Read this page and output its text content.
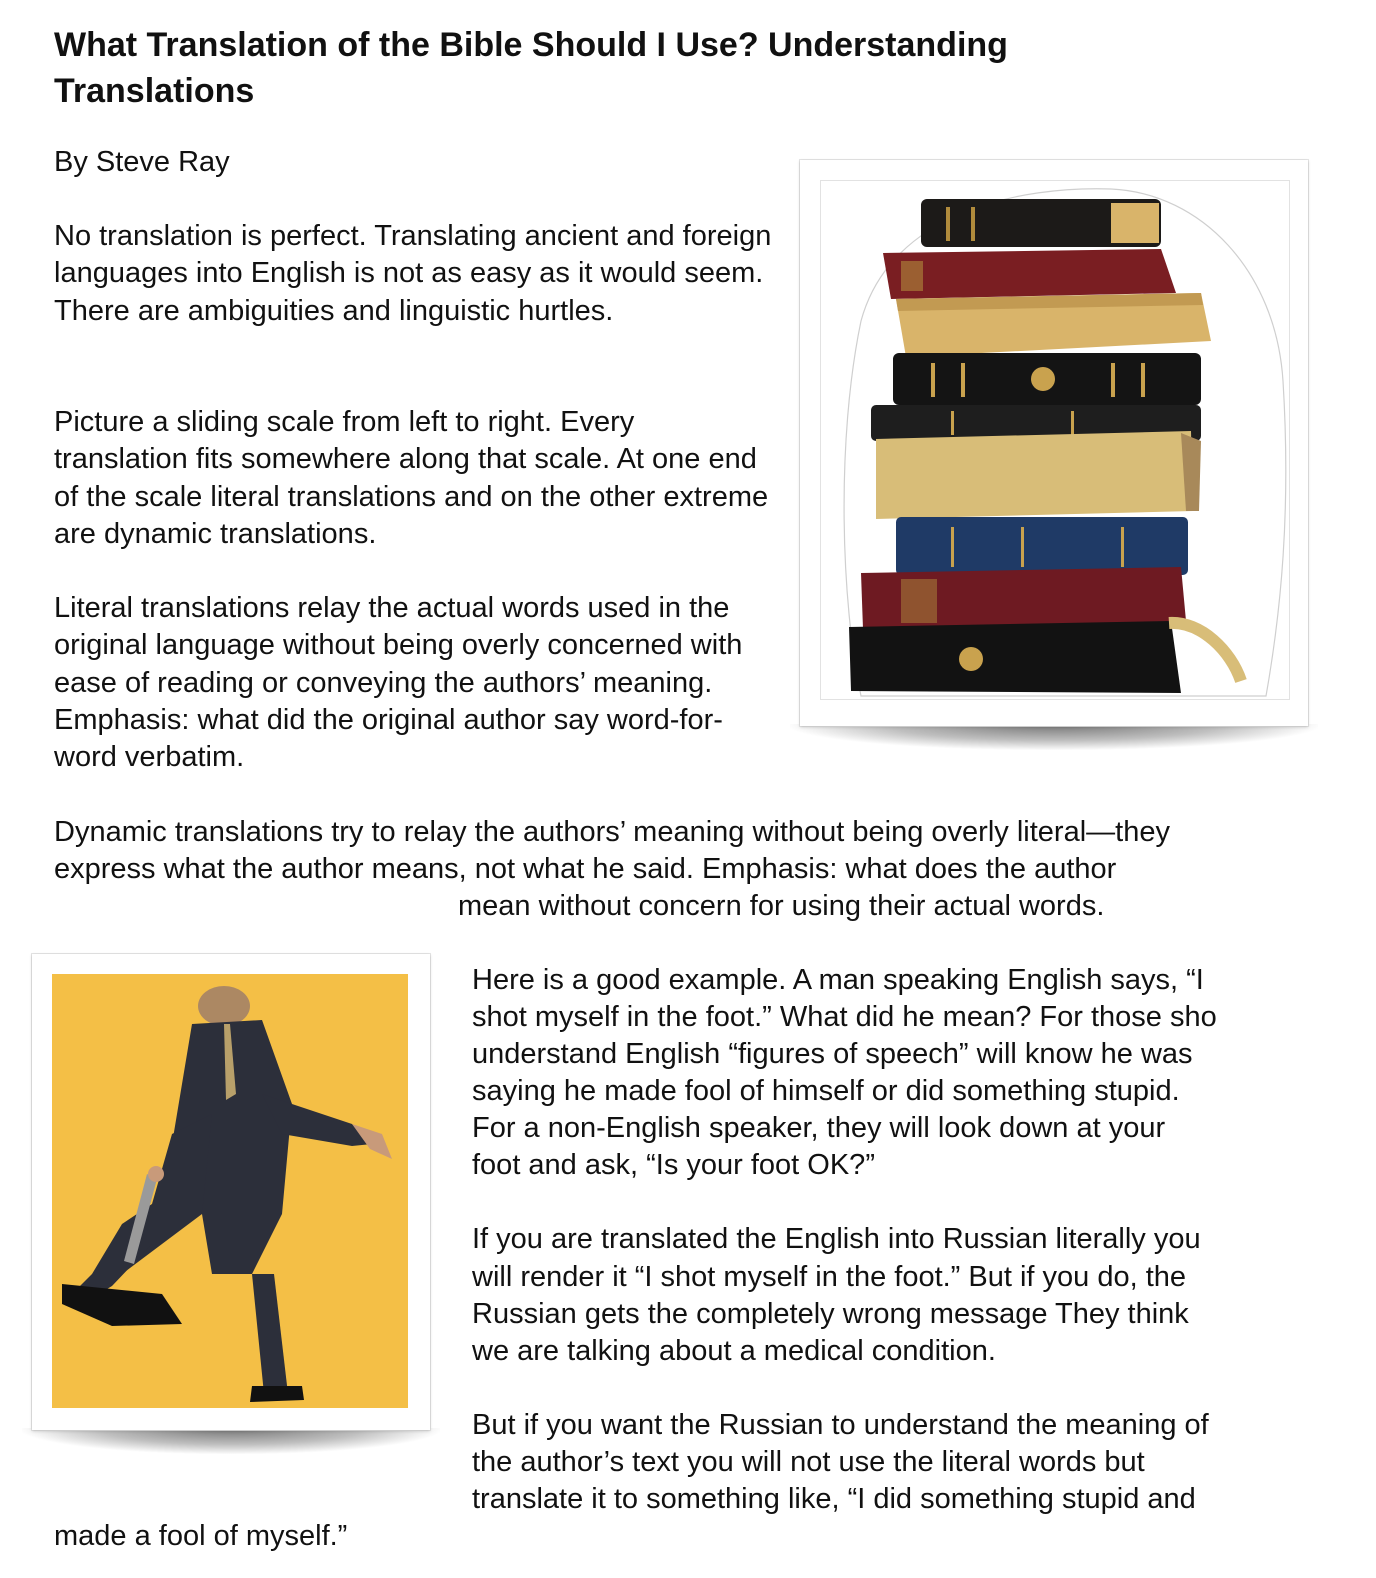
What Translation of the Bible Should I Use? Understanding Translations

By Steve Ray

No translation is perfect. Translating ancient and foreign languages into English is not as easy as it would seem. There are ambiguities and linguistic hurtles.

Picture a sliding scale from left to right. Every translation fits somewhere along that scale. At one end of the scale literal translations and on the other extreme are dynamic translations.

Literal translations relay the actual words used in the original language without being overly concerned with ease of reading or conveying the authors’ meaning. Emphasis: what did the original author say word-for-word verbatim.

Dynamic translations try to relay the authors’ meaning without being overly literal—they

express what the author means, not what he said. Emphasis: what does the author

mean without concern for using their actual words.

Here is a good example. A man speaking English says, “I

shot myself in the foot.” What did he mean? For those sho

understand English “figures of speech” will know he was

saying he made fool of himself or did something stupid.

For a non-English speaker, they will look down at your

foot and ask, “Is your foot OK?”

If you are translated the English into Russian literally you

will render it “I shot myself in the foot.” But if you do, the

Russian gets the completely wrong message They think

we are talking about a medical condition.

But if you want the Russian to understand the meaning of

the author’s text you will not use the literal words but

translate it to something like, “I did something stupid and

made a fool of myself.”
